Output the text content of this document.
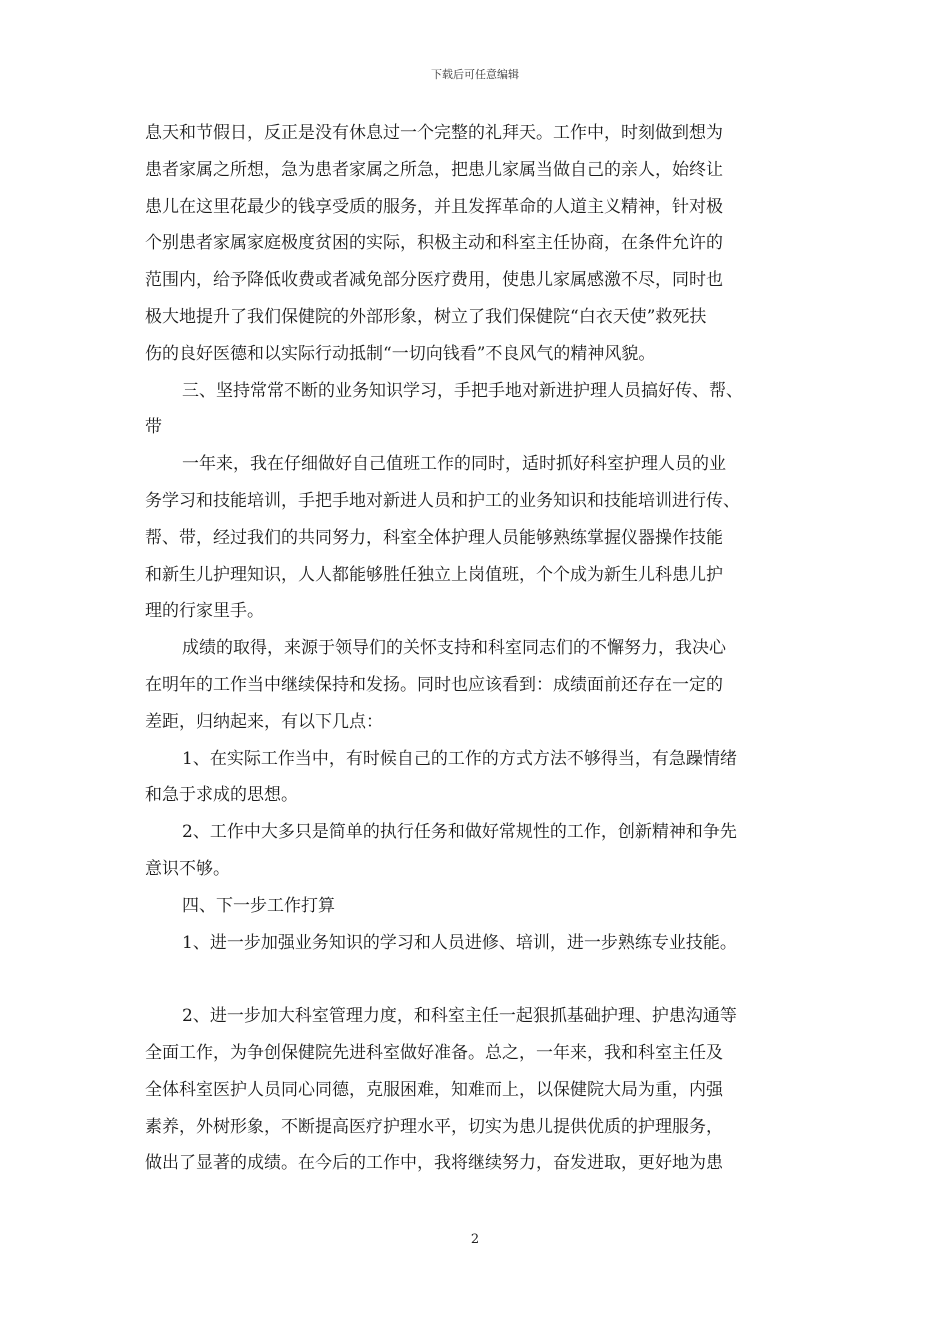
下载后可任意编辑
息天和节假日，反正是没有休息过一个完整的礼拜天。工作中，时刻做到想为
患者家属之所想，急为患者家属之所急，把患儿家属当做自己的亲人，始终让
患儿在这里花最少的钱享受质的服务，并且发挥革命的人道主义精神，针对极
个别患者家属家庭极度贫困的实际，积极主动和科室主任协商，在条件允许的
范围内，给予降低收费或者减免部分医疗费用，使患儿家属感激不尽，同时也
极大地提升了我们保健院的外部形象，树立了我们保健院“白衣天使”救死扶
伤的良好医德和以实际行动抵制“一切向钱看”不良风气的精神风貌。
三、坚持常常不断的业务知识学习，手把手地对新进护理人员搞好传、帮、
带
一年来，我在仔细做好自己值班工作的同时，适时抓好科室护理人员的业
务学习和技能培训，手把手地对新进人员和护工的业务知识和技能培训进行传、
帮、带，经过我们的共同努力，科室全体护理人员能够熟练掌握仪器操作技能
和新生儿护理知识，人人都能够胜任独立上岗值班，个个成为新生儿科患儿护
理的行家里手。
成绩的取得，来源于领导们的关怀支持和科室同志们的不懈努力，我决心
在明年的工作当中继续保持和发扬。同时也应该看到：成绩面前还存在一定的
差距，归纳起来，有以下几点：
1、在实际工作当中，有时候自己的工作的方式方法不够得当，有急躁情绪
和急于求成的思想。
2、工作中大多只是简单的执行任务和做好常规性的工作，创新精神和争先
意识不够。
四、下一步工作打算
1、进一步加强业务知识的学习和人员进修、培训，进一步熟练专业技能。
2、进一步加大科室管理力度，和科室主任一起狠抓基础护理、护患沟通等
全面工作，为争创保健院先进科室做好准备。总之，一年来，我和科室主任及
全体科室医护人员同心同德，克服困难，知难而上，以保健院大局为重，内强
素养，外树形象，不断提高医疗护理水平，切实为患儿提供优质的护理服务，
做出了显著的成绩。在今后的工作中，我将继续努力，奋发进取，更好地为患
2
